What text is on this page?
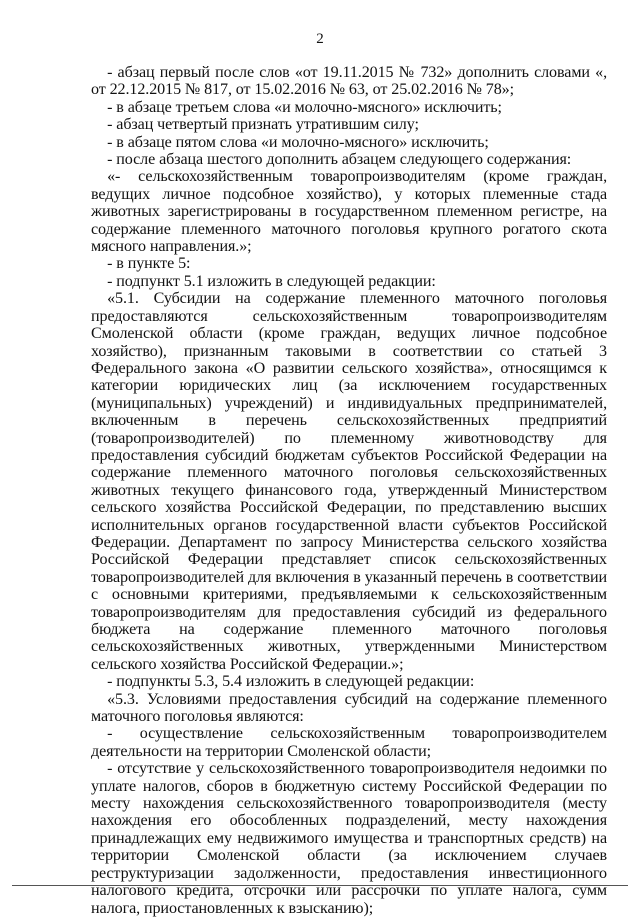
2

- абзац первый после слов «от 19.11.2015 № 732» дополнить словами «, от 22.12.2015 № 817, от 15.02.2016 № 63, от 25.02.2016 № 78»;

- в абзаце третьем слова «и молочно-мясного» исключить;

- абзац четвертый признать утратившим силу;

- в абзаце пятом слова «и молочно-мясного» исключить;

- после абзаца шестого дополнить абзацем следующего содержания:

«- сельскохозяйственным товаропроизводителям (кроме граждан, ведущих личное подсобное хозяйство), у которых племенные стада животных зарегистрированы в государственном племенном регистре, на содержание племенного маточного поголовья крупного рогатого скота мясного направления.»;

- в пункте 5:

- подпункт 5.1 изложить в следующей редакции:

«5.1. Субсидии на содержание племенного маточного поголовья предоставляются сельскохозяйственным товаропроизводителям Смоленской области (кроме граждан, ведущих личное подсобное хозяйство), признанным таковыми в соответствии со статьей 3 Федерального закона «О развитии сельского хозяйства», относящимся к категории юридических лиц (за исключением государственных (муниципальных) учреждений) и индивидуальных предпринимателей, включенным в перечень сельскохозяйственных предприятий (товаропроизводителей) по племенному животноводству для предоставления субсидий бюджетам субъектов Российской Федерации на содержание племенного маточного поголовья сельскохозяйственных животных текущего финансового года, утвержденный Министерством сельского хозяйства Российской Федерации, по представлению высших исполнительных органов государственной власти субъектов Российской Федерации. Департамент по запросу Министерства сельского хозяйства Российской Федерации представляет список сельскохозяйственных товаропроизводителей для включения в указанный перечень в соответствии с основными критериями, предъявляемыми к сельскохозяйственным товаропроизводителям для предоставления субсидий из федерального бюджета на содержание племенного маточного поголовья сельскохозяйственных животных, утвержденными Министерством сельского хозяйства Российской Федерации.»;

- подпункты 5.3, 5.4 изложить в следующей редакции:

«5.3. Условиями предоставления субсидий на содержание племенного маточного поголовья являются:

- осуществление сельскохозяйственным товаропроизводителем деятельности на территории Смоленской области;

- отсутствие у сельскохозяйственного товаропроизводителя недоимки по уплате налогов, сборов в бюджетную систему Российской Федерации по месту нахождения сельскохозяйственного товаропроизводителя (месту нахождения его обособленных подразделений, месту нахождения принадлежащих ему недвижимого имущества и транспортных средств) на территории Смоленской области (за исключением случаев реструктуризации задолженности, предоставления инвестиционного налогового кредита, отсрочки или рассрочки по уплате налога, сумм налога, приостановленных к взысканию);
